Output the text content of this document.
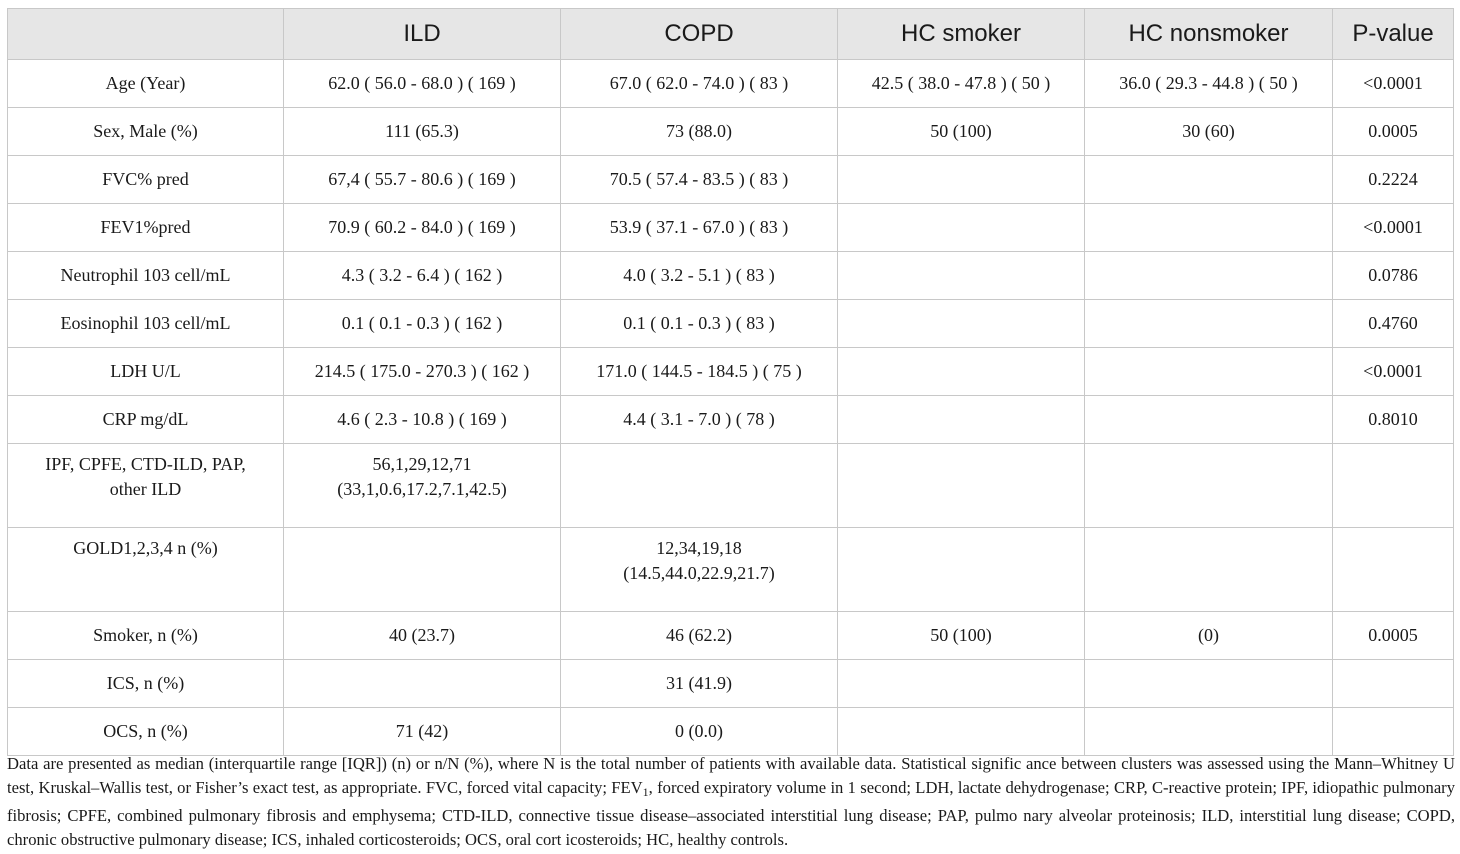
	ILD	COPD	HC smoker	HC nonsmoker	P-value
Age (Year)	62.0 ( 56.0 - 68.0 ) ( 169 )	67.0 ( 62.0 - 74.0 ) ( 83 )	42.5 ( 38.0 - 47.8 ) ( 50 )	36.0 ( 29.3 - 44.8 ) ( 50 )	<0.0001
Sex, Male (%)	111 (65.3)	73 (88.0)	50 (100)	30 (60)	0.0005
FVC% pred	67,4 ( 55.7 - 80.6 ) ( 169 )	70.5 ( 57.4 - 83.5 ) ( 83 )			0.2224
FEV1%pred	70.9 ( 60.2 - 84.0 ) ( 169 )	53.9 ( 37.1 - 67.0 ) ( 83 )			<0.0001
Neutrophil 103 cell/mL	4.3 ( 3.2 - 6.4 ) ( 162 )	4.0 ( 3.2 - 5.1 ) ( 83 )			0.0786
Eosinophil 103 cell/mL	0.1 ( 0.1 - 0.3 ) ( 162 )	0.1 ( 0.1 - 0.3 ) ( 83 )			0.4760
LDH U/L	214.5 ( 175.0 - 270.3 ) ( 162 )	171.0 ( 144.5 - 184.5 ) ( 75 )			<0.0001
CRP mg/dL	4.6 ( 2.3 - 10.8 ) ( 169 )	4.4 ( 3.1 - 7.0 ) ( 78 )			0.8010

IPF, CPFE, CTD-ILD, PAP,
other ILD	56,1,29,12,71
(33,1,0.6,17.2,7.1,42.5)				

GOLD1,2,3,4 n (%)		12,34,19,18
(14.5,44.0,22.9,21.7)			

Smoker, n (%)	40 (23.7)	46 (62.2)	50 (100)	(0)	0.0005
ICS, n (%)		31 (41.9)			
OCS, n (%)	71 (42)	0 (0.0)			
Data are presented as median (interquartile range [IQR]) (n) or n/N (%), where N is the total number of patients with available data. Statistical signific ance between clusters was assessed using the Mann–Whitney U test, Kruskal–Wallis test, or Fisher’s exact test, as appropriate. FVC, forced vital capacity; $FEV_1$, forced expiratory volume in 1 second; LDH, lactate dehydrogenase; CRP, C-reactive protein; IPF, idiopathic pulmonary fibrosis; CPFE, combined pulmonary fibrosis and emphysema; CTD-ILD, connective tissue disease–associated interstitial lung disease; PAP, pulmo nary alveolar proteinosis; ILD, interstitial lung disease; COPD, chronic obstructive pulmonary disease; ICS, inhaled corticosteroids; OCS, oral cort icosteroids; HC, healthy controls.
